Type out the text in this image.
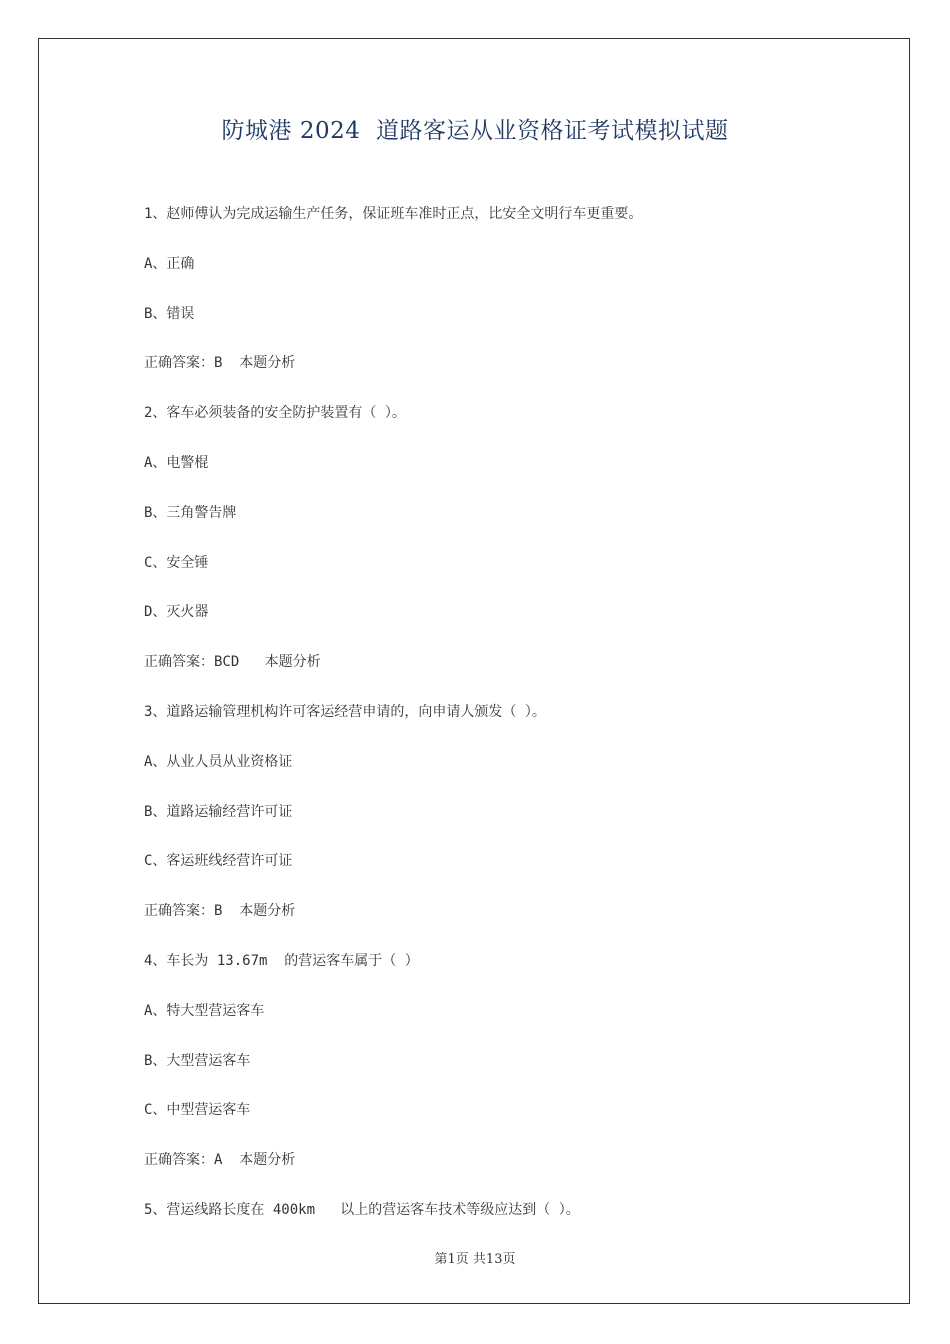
防城港 2024  道路客运从业资格证考试模拟试题
1、赵师傅认为完成运输生产任务，保证班车准时正点，比安全文明行车更重要。
A、正确
B、错误
正确答案：B  本题分析
2、客车必须装备的安全防护装置有（ ）。
A、电警棍
B、三角警告牌
C、安全锤
D、灭火器
正确答案：BCD   本题分析
3、道路运输管理机构许可客运经营申请的，向申请人颁发（ ）。
A、从业人员从业资格证
B、道路运输经营许可证
C、客运班线经营许可证
正确答案：B  本题分析
4、车长为 13.67m  的营运客车属于（ ）
A、特大型营运客车
B、大型营运客车
C、中型营运客车
正确答案：A  本题分析
5、营运线路长度在 400km   以上的营运客车技术等级应达到（ ）。
第1页 共13页
